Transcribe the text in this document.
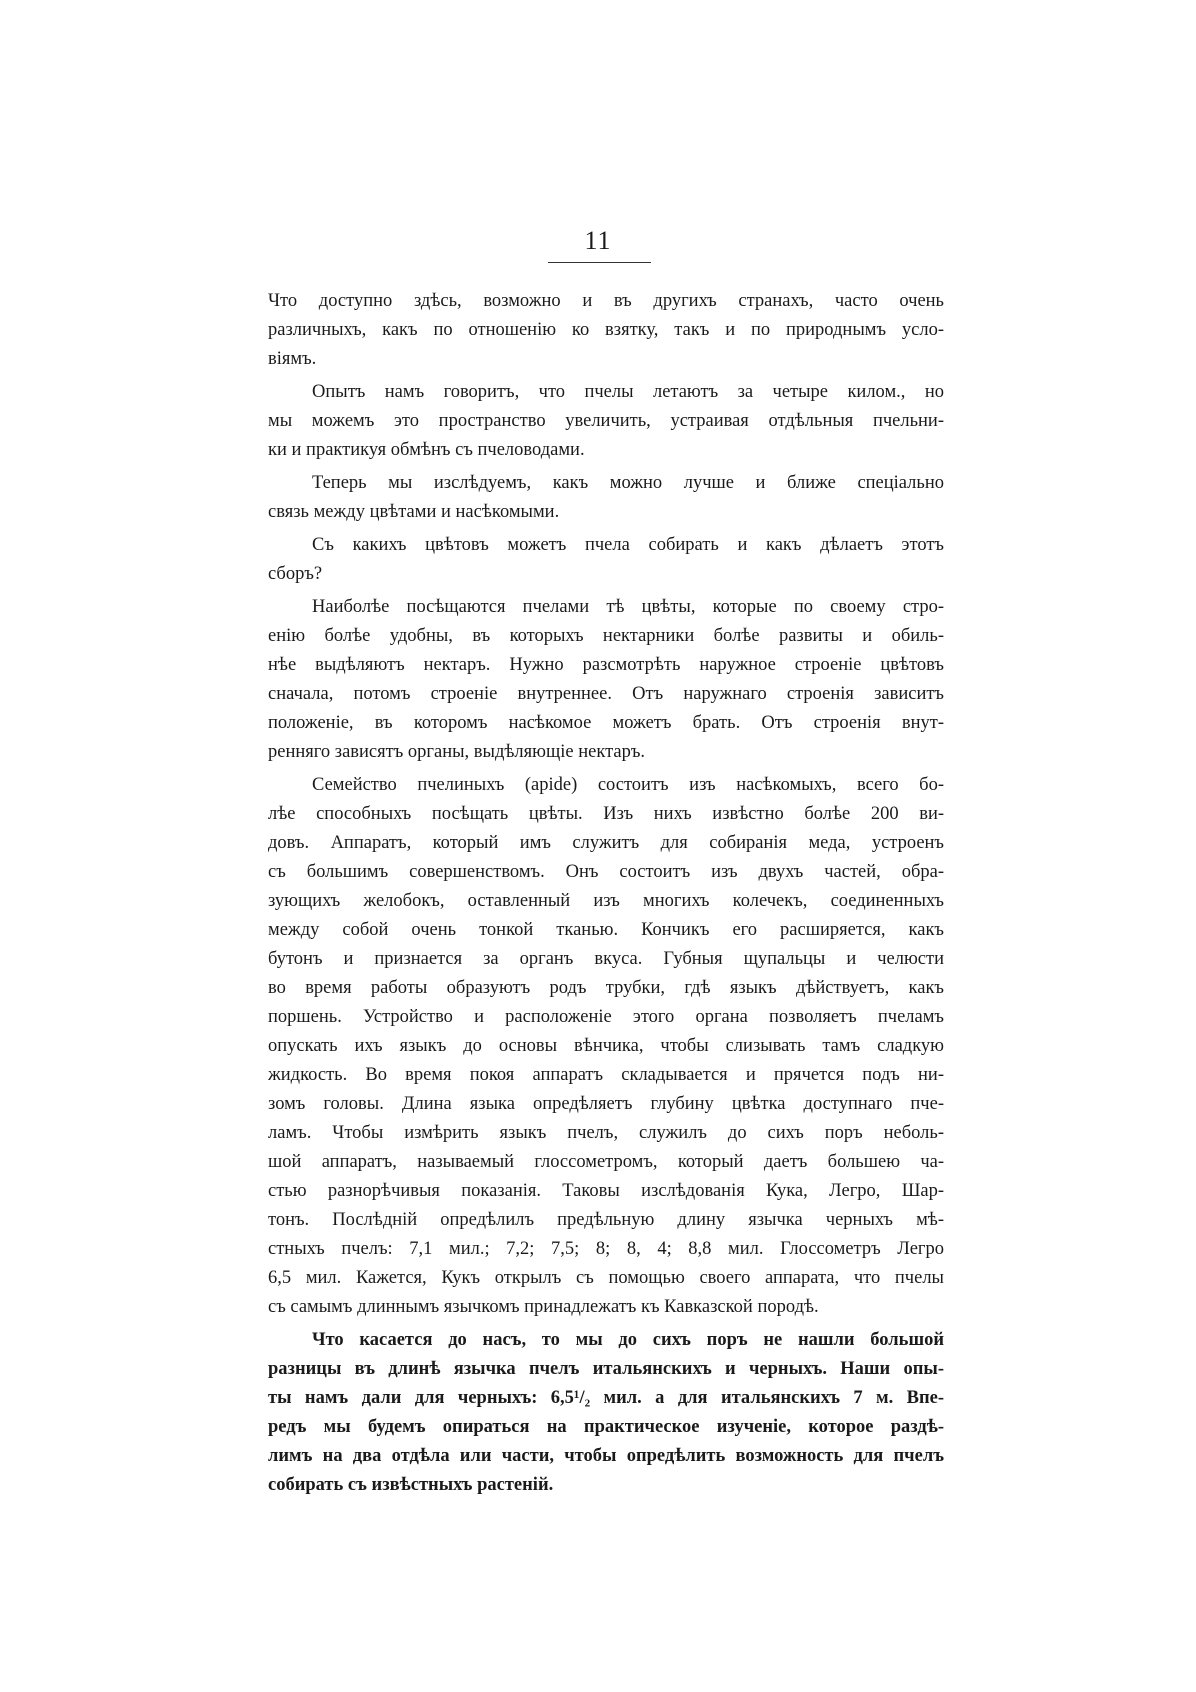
11
Что доступно здѣсь, возможно и въ другихъ странахъ, часто очень
различныхъ, какъ по отношенію ко взятку, такъ и по природнымъ усло-
віямъ.
Опытъ намъ говоритъ, что пчелы летаютъ за четыре килом., но
мы можемъ это пространство увеличить, устраивая отдѣльныя пчельни-
ки и практикуя обмѣнъ съ пчеловодами.
Теперь мы изслѣдуемъ, какъ можно лучше и ближе спеціально
связь между цвѣтами и насѣкомыми.
Съ какихъ цвѣтовъ можетъ пчела собирать и какъ дѣлаетъ этотъ
сборъ?
Наиболѣе посѣщаются пчелами тѣ цвѣты, которые по своему стро-
енію болѣе удобны, въ которыхъ нектарники болѣе развиты и обиль-
нѣе выдѣляютъ нектаръ. Нужно разсмотрѣть наружное строеніе цвѣтовъ
сначала, потомъ строеніе внутреннее. Отъ наружнаго строенія зависитъ
положеніе, въ которомъ насѣкомое можетъ брать. Отъ строенія внут-
ренняго зависятъ органы, выдѣляющіе нектаръ.
Семейство пчелиныхъ (apide) состоитъ изъ насѣкомыхъ, всего бо-
лѣе способныхъ посѣщать цвѣты. Изъ нихъ извѣстно болѣе 200 ви-
довъ. Аппаратъ, который имъ служитъ для собиранія меда, устроенъ
съ большимъ совершенствомъ. Онъ состоитъ изъ двухъ частей, обра-
зующихъ желобокъ, оставленный изъ многихъ колечекъ, соединенныхъ
между собой очень тонкой тканью. Кончикъ его расширяется, какъ
бутонъ и признается за органъ вкуса. Губныя щупальцы и челюсти
во время работы образуютъ родъ трубки, гдѣ языкъ дѣйствуетъ, какъ
поршень. Устройство и расположеніе этого органа позволяетъ пчеламъ
опускать ихъ языкъ до основы вѣнчика, чтобы слизывать тамъ сладкую
жидкость. Во время покоя аппаратъ складывается и прячется подъ ни-
зомъ головы. Длина языка опредѣляетъ глубину цвѣтка доступнаго пче-
ламъ. Чтобы измѣрить языкъ пчелъ, служилъ до сихъ поръ неболь-
шой аппаратъ, называемый глоссометромъ, который даетъ большею ча-
стью разнорѣчивыя показанія. Таковы изслѣдованія Кука, Легро, Шар-
тонъ. Послѣдній опредѣлилъ предѣльную длину язычка черныхъ мѣ-
стныхъ пчелъ: 7,1 мил.; 7,2; 7,5; 8; 8, 4; 8,8 мил. Глоссометръ Легро
6,5 мил. Кажется, Кукъ открылъ съ помощью своего аппарата, что пчелы
съ самымъ длиннымъ язычкомъ принадлежатъ къ Кавказской породѣ.
Что касается до насъ, то мы до сихъ поръ не нашли большой
разницы въ длинѣ язычка пчелъ итальянскихъ и черныхъ. Наши опы-
ты намъ дали для черныхъ: 6,5¹/₂ мил. а для итальянскихъ 7 м. Впе-
редъ мы будемъ опираться на практическое изученіе, которое раздѣ-
лимъ на два отдѣла или части, чтобы опредѣлить возможность для пчелъ
собирать съ извѣстныхъ растеній.
